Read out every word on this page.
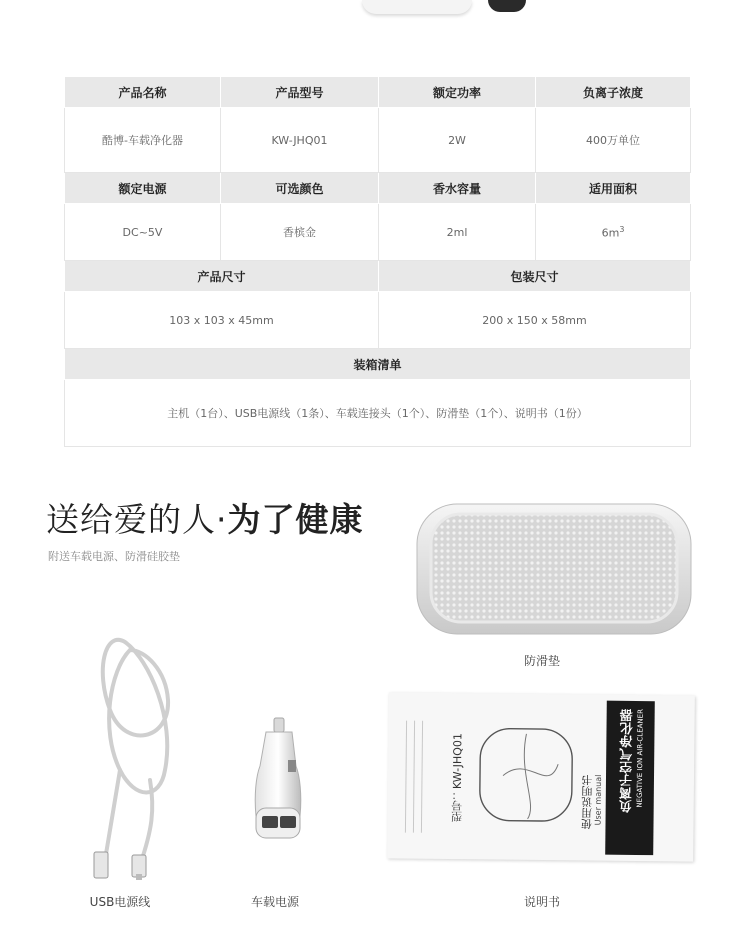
产品名称	产品型号	额定功率	负离子浓度
酷博-车载净化器	KW-JHQ01	2W	400万单位
额定电源	可选颜色	香水容量	适用面积
DC~5V	香槟金	2ml	$6m^3$
产品尺寸		包装尺寸	
103 x 103 x 45mm		200 x 150 x 58mm	
装箱清单			
主机（1台）、USB电源线（1条）、车载连接头（1个）、防滑垫（1个）、说明书（1份）			
送给爱的人·为了健康
附送车载电源、防滑硅胶垫
防滑垫
USB电源线	车载电源
型号：KW-JHQ01	负离子空气净化器 NEGATIVE ION AIR-CLEANER
使用说明书 User manual
说明书
